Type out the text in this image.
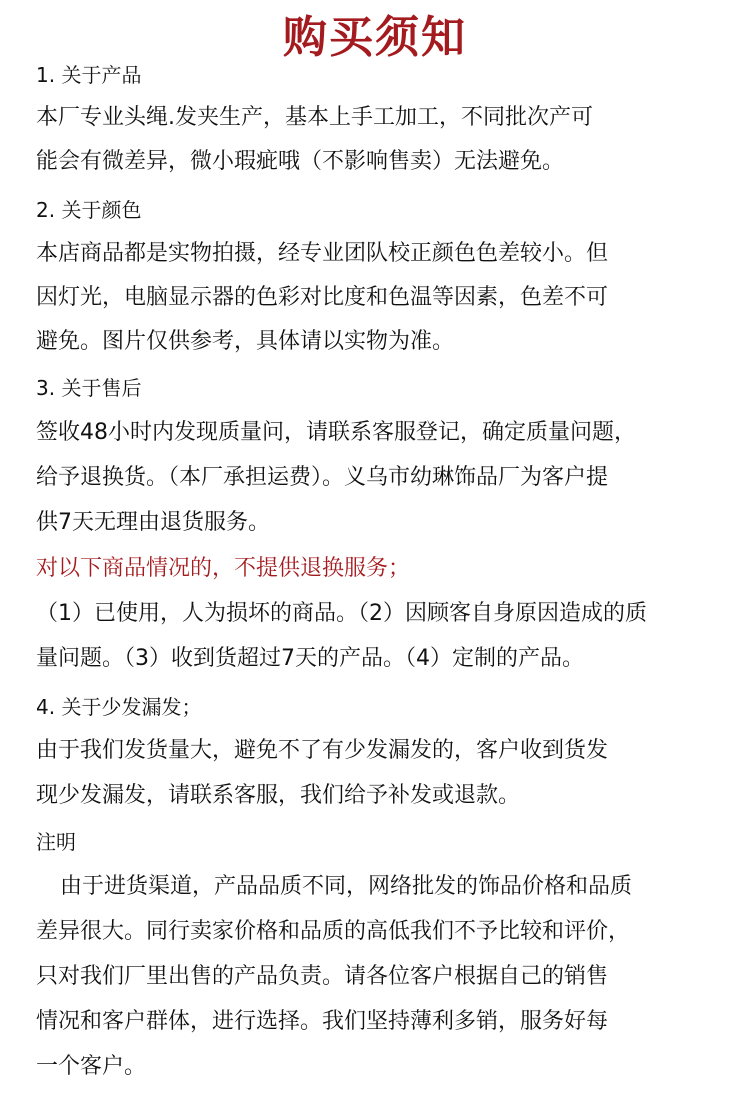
购买须知
1. 关于产品
本厂专业头绳.发夹生产，基本上手工加工，不同批次产可
能会有微差异，微小瑕疵哦（不影响售卖）无法避免。
2. 关于颜色
本店商品都是实物拍摄，经专业团队校正颜色色差较小。但
因灯光，电脑显示器的色彩对比度和色温等因素，色差不可
避免。图片仅供参考，具体请以实物为准。
3. 关于售后
签收48小时内发现质量问，请联系客服登记，确定质量问题，
给予退换货。（本厂承担运费）。义乌市幼琳饰品厂为客户提
供7天无理由退货服务。
对以下商品情况的，不提供退换服务；
（1）已使用，人为损坏的商品。（2）因顾客自身原因造成的质
量问题。（3）收到货超过7天的产品。（4）定制的产品。
4. 关于少发漏发；
由于我们发货量大，避免不了有少发漏发的，客户收到货发
现少发漏发，请联系客服，我们给予补发或退款。
注明
由于进货渠道，产品品质不同，网络批发的饰品价格和品质
差异很大。同行卖家价格和品质的高低我们不予比较和评价，
只对我们厂里出售的产品负责。请各位客户根据自己的销售
情况和客户群体，进行选择。我们坚持薄利多销，服务好每
一个客户。
